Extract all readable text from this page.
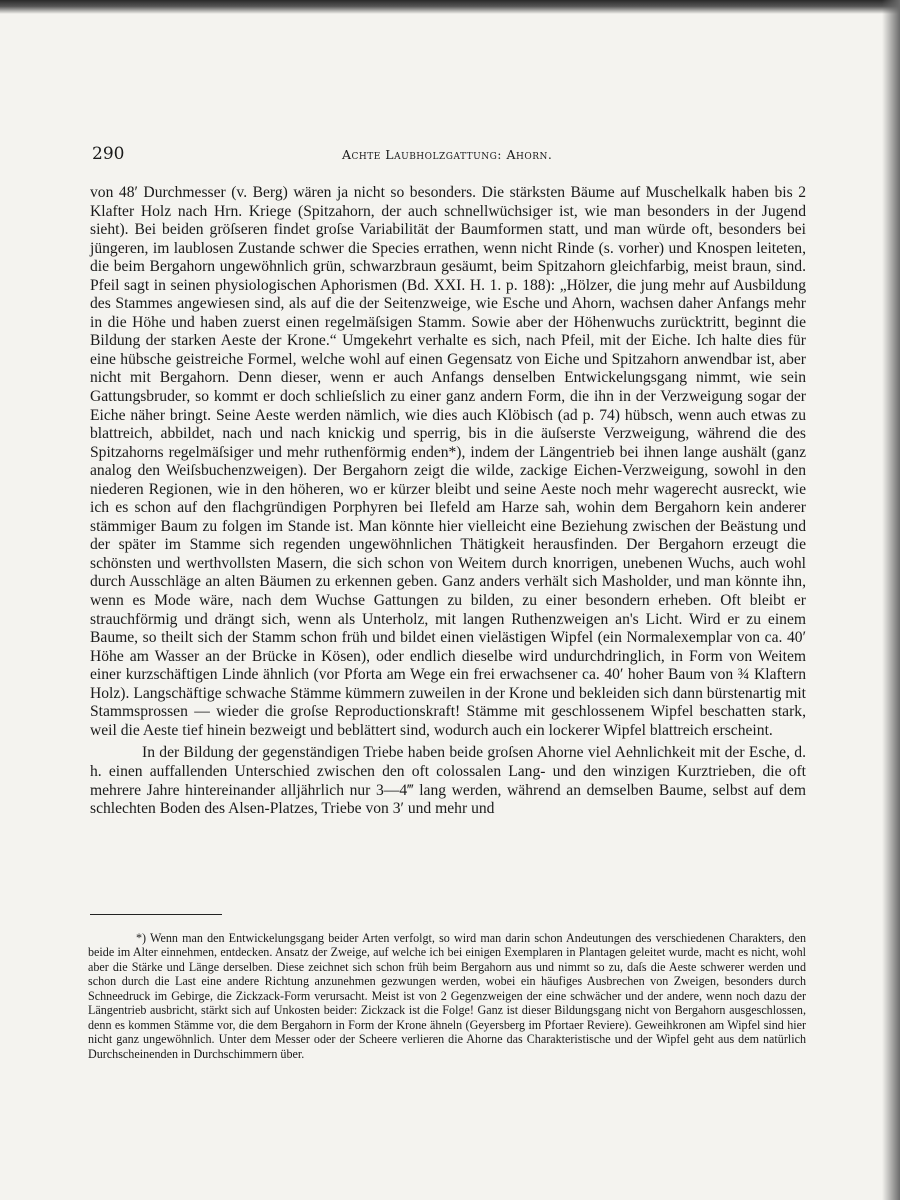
290	Achte Laubholzgattung: Ahorn.

von 48′ Durchmesser (v. Berg) wären ja nicht so besonders. Die stärksten Bäume auf Muschelkalk haben bis 2 Klafter Holz nach Hrn. Kriege (Spitzahorn, der auch schnellwüchsiger ist, wie man besonders in der Jugend sieht). Bei beiden gröſseren findet groſse Variabilität der Baumformen statt, und man würde oft, besonders bei jüngeren, im laublosen Zustande schwer die Species errathen, wenn nicht Rinde (s. vorher) und Knospen leiteten, die beim Bergahorn ungewöhnlich grün, schwarzbraun gesäumt, beim Spitzahorn gleichfarbig, meist braun, sind. Pfeil sagt in seinen physiologischen Aphorismen (Bd. XXI. H. 1. p. 188): „Hölzer, die jung mehr auf Ausbildung des Stammes angewiesen sind, als auf die der Seitenzweige, wie Esche und Ahorn, wachsen daher Anfangs mehr in die Höhe und haben zuerst einen regelmäſsigen Stamm. Sowie aber der Höhenwuchs zurücktritt, beginnt die Bildung der starken Aeste der Krone.“ Umgekehrt verhalte es sich, nach Pfeil, mit der Eiche. Ich halte dies für eine hübsche geistreiche Formel, welche wohl auf einen Gegensatz von Eiche und Spitzahorn anwendbar ist, aber nicht mit Bergahorn. Denn dieser, wenn er auch Anfangs denselben Entwickelungsgang nimmt, wie sein Gattungsbruder, so kommt er doch schlieſslich zu einer ganz andern Form, die ihn in der Verzweigung sogar der Eiche näher bringt. Seine Aeste werden nämlich, wie dies auch Klöbisch (ad p. 74) hübsch, wenn auch etwas zu blattreich, abbildet, nach und nach knickig und sperrig, bis in die äuſserste Verzweigung, während die des Spitzahorns regelmäſsiger und mehr ruthenförmig enden*), indem der Längentrieb bei ihnen lange aushält (ganz analog den Weiſsbuchenzweigen). Der Bergahorn zeigt die wilde, zackige Eichen-Verzweigung, sowohl in den niederen Regionen, wie in den höheren, wo er kürzer bleibt und seine Aeste noch mehr wagerecht ausreckt, wie ich es schon auf den flachgründigen Porphyren bei Ilefeld am Harze sah, wohin dem Bergahorn kein anderer stämmiger Baum zu folgen im Stande ist. Man könnte hier vielleicht eine Beziehung zwischen der Beästung und der später im Stamme sich regenden ungewöhnlichen Thätigkeit herausfinden. Der Bergahorn erzeugt die schönsten und werthvollsten Masern, die sich schon von Weitem durch knorrigen, unebenen Wuchs, auch wohl durch Ausschläge an alten Bäumen zu erkennen geben. Ganz anders verhält sich Masholder, und man könnte ihn, wenn es Mode wäre, nach dem Wuchse Gattungen zu bilden, zu einer besondern erheben. Oft bleibt er strauchförmig und drängt sich, wenn als Unterholz, mit langen Ruthenzweigen an's Licht. Wird er zu einem Baume, so theilt sich der Stamm schon früh und bildet einen vielästigen Wipfel (ein Normalexemplar von ca. 40′ Höhe am Wasser an der Brücke in Kösen), oder endlich dieselbe wird undurchdringlich, in Form von Weitem einer kurzschäftigen Linde ähnlich (vor Pforta am Wege ein frei erwachsener ca. 40′ hoher Baum von ¾ Klaftern Holz). Langschäftige schwache Stämme kümmern zuweilen in der Krone und bekleiden sich dann bürstenartig mit Stammsprossen — wieder die groſse Reproductionskraft! Stämme mit geschlossenem Wipfel beschatten stark, weil die Aeste tief hinein bezweigt und beblättert sind, wodurch auch ein lockerer Wipfel blattreich erscheint.

In der Bildung der gegenständigen Triebe haben beide groſsen Ahorne viel Aehnlichkeit mit der Esche, d. h. einen auffallenden Unterschied zwischen den oft colossalen Lang- und den winzigen Kurztrieben, die oft mehrere Jahre hintereinander alljährlich nur 3—4‴ lang werden, während an demselben Baume, selbst auf dem schlechten Boden des Alsen-Platzes, Triebe von 3′ und mehr und

*) Wenn man den Entwickelungsgang beider Arten verfolgt, so wird man darin schon Andeutungen des verschiedenen Charakters, den beide im Alter einnehmen, entdecken. Ansatz der Zweige, auf welche ich bei einigen Exemplaren in Plantagen geleitet wurde, macht es nicht, wohl aber die Stärke und Länge derselben. Diese zeichnet sich schon früh beim Bergahorn aus und nimmt so zu, daſs die Aeste schwerer werden und schon durch die Last eine andere Richtung anzunehmen gezwungen werden, wobei ein häufiges Ausbrechen von Zweigen, besonders durch Schneedruck im Gebirge, die Zickzack-Form verursacht. Meist ist von 2 Gegenzweigen der eine schwächer und der andere, wenn noch dazu der Längentrieb ausbricht, stärkt sich auf Unkosten beider: Zickzack ist die Folge! Ganz ist dieser Bildungsgang nicht von Bergahorn ausgeschlossen, denn es kommen Stämme vor, die dem Bergahorn in Form der Krone ähneln (Geyersberg im Pfortaer Reviere). Geweihkronen am Wipfel sind hier nicht ganz ungewöhnlich. Unter dem Messer oder der Scheere verlieren die Ahorne das Charakteristische und der Wipfel geht aus dem natürlich Durchscheinenden in Durchschimmern über.
